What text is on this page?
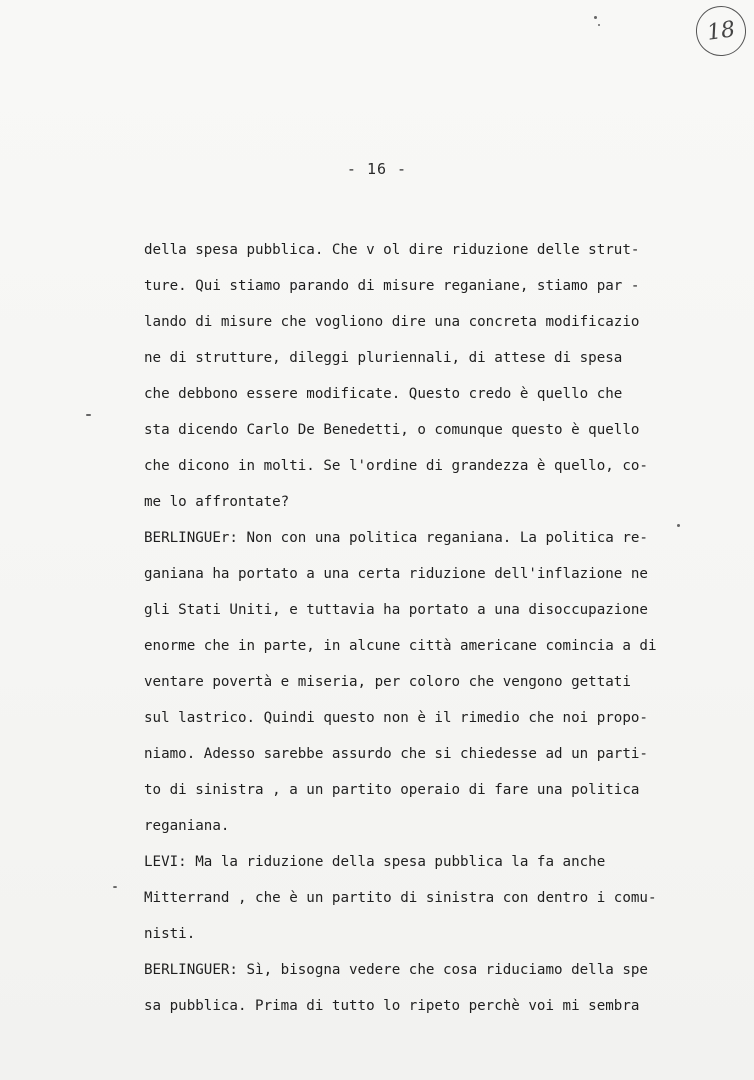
18
- 16 -
della spesa pubblica. Che v ol dire riduzione delle strut-
ture. Qui stiamo parando di misure reganiane, stiamo par -
lando di misure che vogliono dire una concreta modificazio
ne di strutture, dileggi pluriennali, di attese di spesa
che debbono essere modificate. Questo credo è quello che
sta dicendo Carlo De Benedetti, o comunque questo è quello
che dicono in molti. Se l'ordine di grandezza è quello, co-
me lo affrontate?
BERLINGUEr: Non con una politica reganiana. La politica re-
ganiana ha portato a una certa riduzione dell'inflazione ne
gli Stati Uniti, e tuttavia ha portato a una disoccupazione
enorme che in parte, in alcune città americane comincia a di
ventare povertà e miseria, per coloro che vengono gettati
sul lastrico. Quindi questo non è il rimedio che noi propo-
niamo. Adesso sarebbe assurdo che si chiedesse ad un parti-
to di sinistra , a un partito operaio di fare una politica
reganiana.
LEVI: Ma la riduzione della spesa pubblica la fa anche
Mitterrand , che è un partito di sinistra con dentro i comu-
nisti.
BERLINGUER: Sì, bisogna vedere che cosa riduciamo della spe
sa pubblica. Prima di tutto lo ripeto perchè voi mi sembra
